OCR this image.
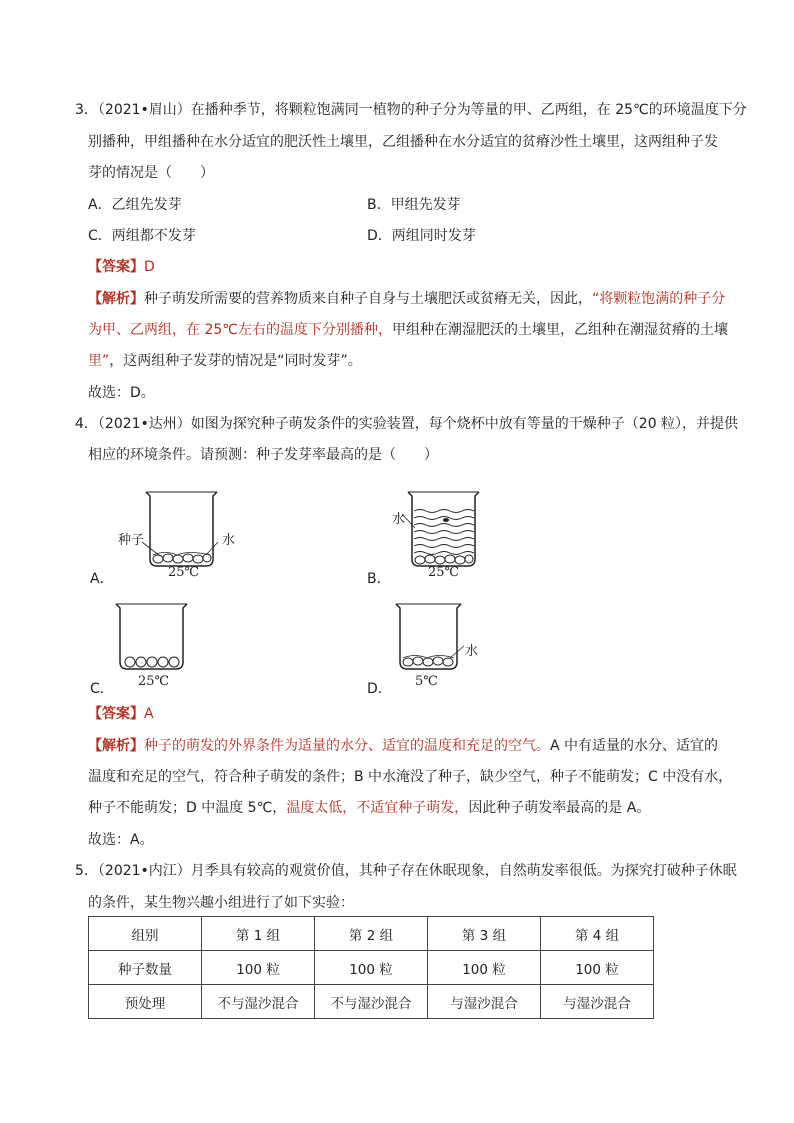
3．（2021•眉山）在播种季节，将颗粒饱满同一植物的种子分为等量的甲、乙两组，在 25℃的环境温度下分
别播种，甲组播种在水分适宜的肥沃性土壤里，乙组播种在水分适宜的贫瘠沙性土壤里，这两组种子发
芽的情况是（　　）
A．乙组先发芽	B．甲组先发芽
C．两组都不发芽	D．两组同时发芽
【答案】D
【解析】种子萌发所需要的营养物质来自种子自身与土壤肥沃或贫瘠无关，因此，“将颗粒饱满的种子分
为甲、乙两组，在 25℃左右的温度下分别播种，甲组种在潮湿肥沃的土壤里，乙组种在潮湿贫瘠的土壤
里”，这两组种子发芽的情况是“同时发芽”。
故选：D。
4．（2021•达州）如图为探究种子萌发条件的实验装置，每个烧杯中放有等量的干燥种子（20 粒），并提供
相应的环境条件。请预测：种子发芽率最高的是（　　）
种子	水
25℃
A．
水
25℃
B．
25℃
C．
水
5℃
D．
【答案】A
【解析】种子的萌发的外界条件为适量的水分、适宜的温度和充足的空气。A 中有适量的水分、适宜的
温度和充足的空气，符合种子萌发的条件；B 中水淹没了种子，缺少空气，种子不能萌发；C 中没有水，
种子不能萌发；D 中温度 5℃，温度太低，不适宜种子萌发，因此种子萌发率最高的是 A。
故选：A。
5．（2021•内江）月季具有较高的观赏价值，其种子存在休眠现象，自然萌发率很低。为探究打破种子休眠
的条件，某生物兴趣小组进行了如下实验：
组别	第 1 组	第 2 组	第 3 组	第 4 组
种子数量	100 粒	100 粒	100 粒	100 粒
预处理	不与湿沙混合	不与湿沙混合	与湿沙混合	与湿沙混合
